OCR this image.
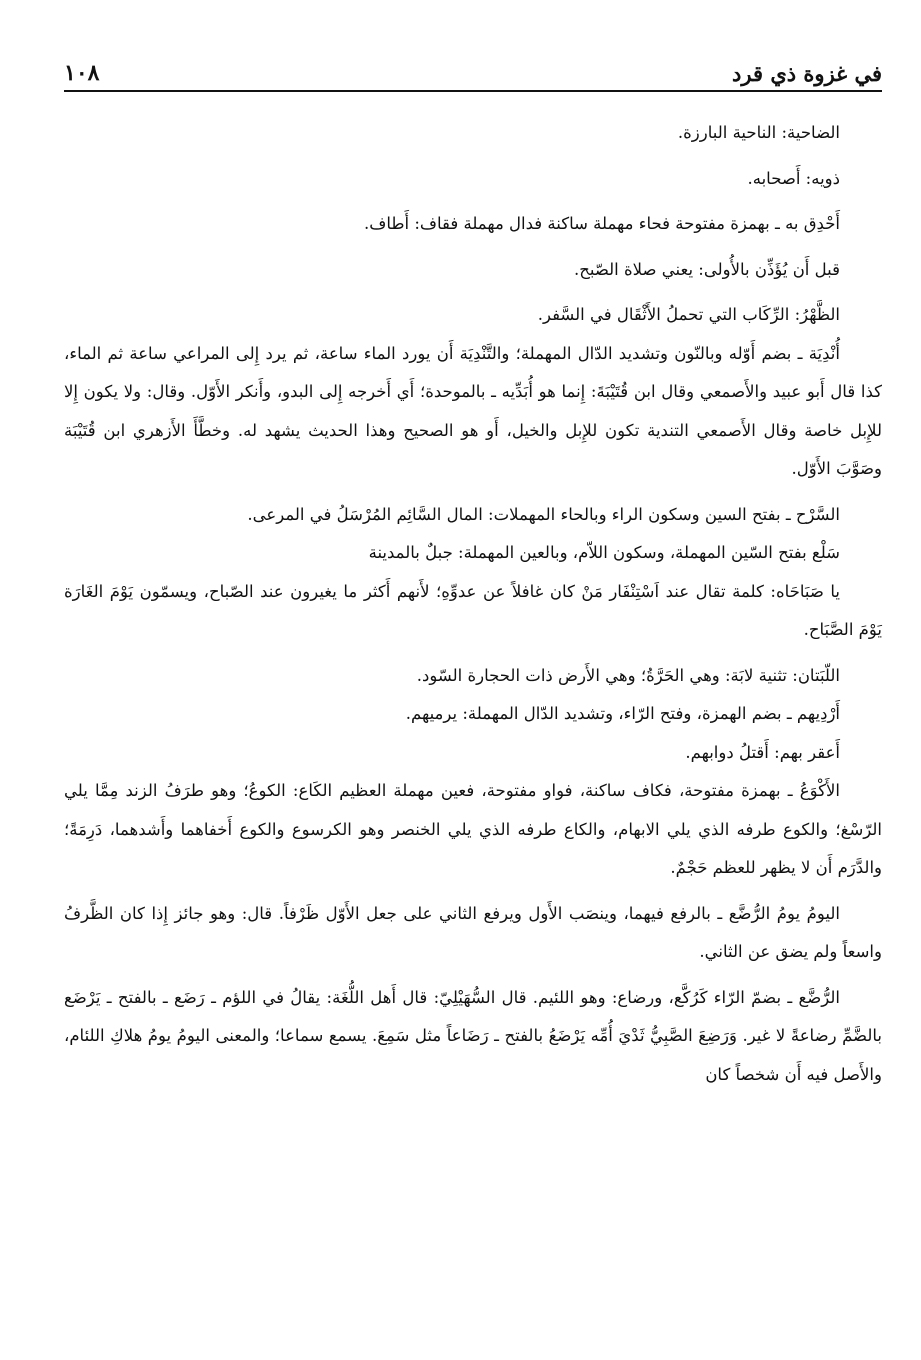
في غزوة ذي قرد
١٠٨

الضاحية: الناحية البارزة.

ذويه: أَصحابه.

أَحْدِق به ـ بهمزة مفتوحة فحاء مهملة ساكنة فدال مهملة فقاف: أَطاف.

قبل أَن يُؤَذِّن بالأُولى: يعني صلاة الصّبح.

الظَّهْرُ: الرِّكَاب التي تحملُ الأَثْقَال في السَّفر.

أُنْدِيَة ـ بضم أَوّله وبالنّون وتشديد الدّال المهملة؛ والتَّنْدِيَة أَن يورد الماء ساعة، ثم يرد إِلى المراعي ساعة ثم الماء، كذا قال أَبو عبيد والأَصمعي وقال ابن قُتَيْبَةَ: إِنما هو أُبَدِّيه ـ بالموحدة؛ أَي أَخرجه إِلى البدو، وأَنكر الأَوّل. وقال: ولا يكون إِلا للإِبل خاصة وقال الأَصمعي التندية تكون للإِبل والخيل، أَو هو الصحيح وهذا الحديث يشهد له. وخطَّأَ الأَزهري ابن قُتَيْبَة وصَوَّبَ الأَوّل.

السَّرْح ـ بفتح السين وسكون الراء وبالحاء المهملات: المال السَّائِم المُرْسَلُ في المرعى.

سَلْع بفتح السّين المهملة، وسكون اللاّم، وبالعين المهملة: جبلٌ بالمدينة

يا صَبَاحَاه: كلمة تقال عند اَسْتِنْفَار مَنْ كان غافلاً عن عدوِّهِ؛ لأَنهم أَكثر ما يغيرون عند الصّباح، ويسمّون يَوْمَ الغَارَة يَوْمَ الصَّبَاح.

اللّبَتان: تثنية لابَة: وهي الحَرَّةُ؛ وهي الأَرض ذات الحجارة السّود.

أَرْدِيهم ـ بضم الهمزة، وفتح الرّاء، وتشديد الدّال المهملة: يرميهم.

أَعقر بهم: أَقتلُ دوابهم.

الأَكْوَعُ ـ بهمزة مفتوحة، فكاف ساكنة، فواو مفتوحة، فعين مهملة العظيم الكَاع: الكوعُ؛ وهو طرَفُ الزند مِمَّا يلي الرّسْغ؛ والكوع طرفه الذي يلي الابهام، والكاع طرفه الذي يلي الخنصر وهو الكرسوع والكوع أَخفاهما وأَشدهما، دَرِمَةً؛ والدَّرَم أَن لا يظهر للعظم حَجْمٌ.

اليومُ يومُ الرُّضَّع ـ بالرفع فيهما، وينصَب الأَول ويرفع الثاني على جعل الأَوّل ظَرْفاً. قال: وهو جائز إِذا كان الظَّرفُ واسعاً ولم يضق عن الثاني.

الرُّضَّع ـ بضمّ الرّاء كَرُكَّع، ورضاع: وهو اللئيم. قال السُّهَيْلِيّ: قال أَهل اللُّغَة: يقالُ في اللؤم ـ رَضَع ـ بالفتح ـ يَرْضَع بالضَّمِّ رضاعةً لا غير. وَرَضِعَ الصَّبِيُّ ثَدْيَ أُمِّه يَرْضَعُ بالفتح ـ رَضَاعاً مثل سَمِعَ. يسمع سماعا؛ والمعنى اليومُ يومُ هلاكِ اللئام، والأَصل فيه أَن شخصاً كان
